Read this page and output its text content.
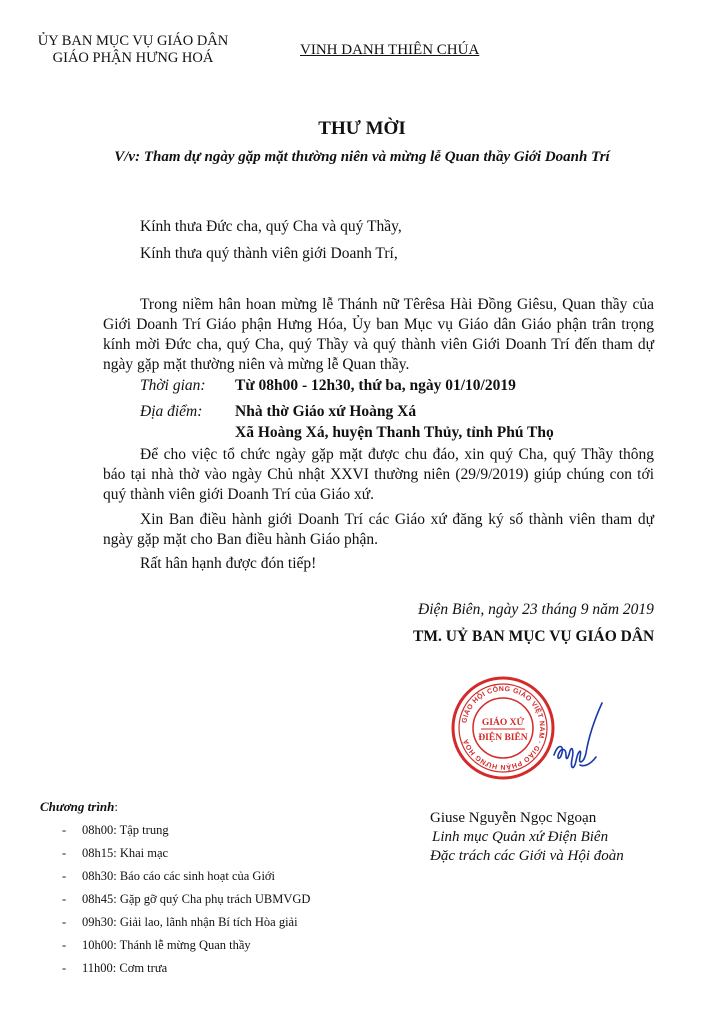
ỦY BAN MỤC VỤ GIÁO DÂN
GIÁO PHẬN HƯNG HOÁ	VINH DANH THIÊN CHÚA
THƯ MỜI
V/v: Tham dự ngày gặp mặt thường niên và mừng lễ Quan thầy Giới Doanh Trí
Kính thưa Đức cha, quý Cha và quý Thầy,
Kính thưa quý thành viên giới Doanh Trí,
Trong niềm hân hoan mừng lễ Thánh nữ Têrêsa Hài Đồng Giêsu, Quan thầy của
Giới Doanh Trí Giáo phận Hưng Hóa, Ủy ban Mục vụ Giáo dân Giáo phận trân trọng
kính mời Đức cha, quý Cha, quý Thầy và quý thành viên Giới Doanh Trí đến tham dự
ngày gặp mặt thường niên và mừng lễ Quan thầy.
Thời gian: Từ 08h00 - 12h30, thứ ba, ngày 01/10/2019
Địa điểm: Nhà thờ Giáo xứ Hoàng Xá
Xã Hoàng Xá, huyện Thanh Thủy, tỉnh Phú Thọ
Để cho việc tổ chức ngày gặp mặt được chu đáo, xin quý Cha, quý Thầy thông
báo tại nhà thờ vào ngày Chủ nhật XXVI thường niên (29/9/2019) giúp chúng con tới
quý thành viên giới Doanh Trí của Giáo xứ.
Xin Ban điều hành giới Doanh Trí các Giáo xứ đăng ký số thành viên tham dự
ngày gặp mặt cho Ban điều hành Giáo phận.
Rất hân hạnh được đón tiếp!
Điện Biên, ngày 23 tháng 9 năm 2019
TM. UỶ BAN MỤC VỤ GIÁO DÂN
GIÁO HỘI CÔNG GIÁO VIỆT NAM · GIÁO PHẬN HƯNG HOÁ
GIÁO XỨ
ĐIỆN BIÊN
Chương trình:
- 08h00: Tập trung
- 08h15: Khai mạc
- 08h30: Báo cáo các sinh hoạt của Giới
- 08h45: Gặp gỡ quý Cha phụ trách UBMVGD
- 09h30: Giải lao, lãnh nhận Bí tích Hòa giải
- 10h00: Thánh lễ mừng Quan thầy
- 11h00: Cơm trưa
Giuse Nguyễn Ngọc Ngoạn
Linh mục Quản xứ Điện Biên
Đặc trách các Giới và Hội đoàn
